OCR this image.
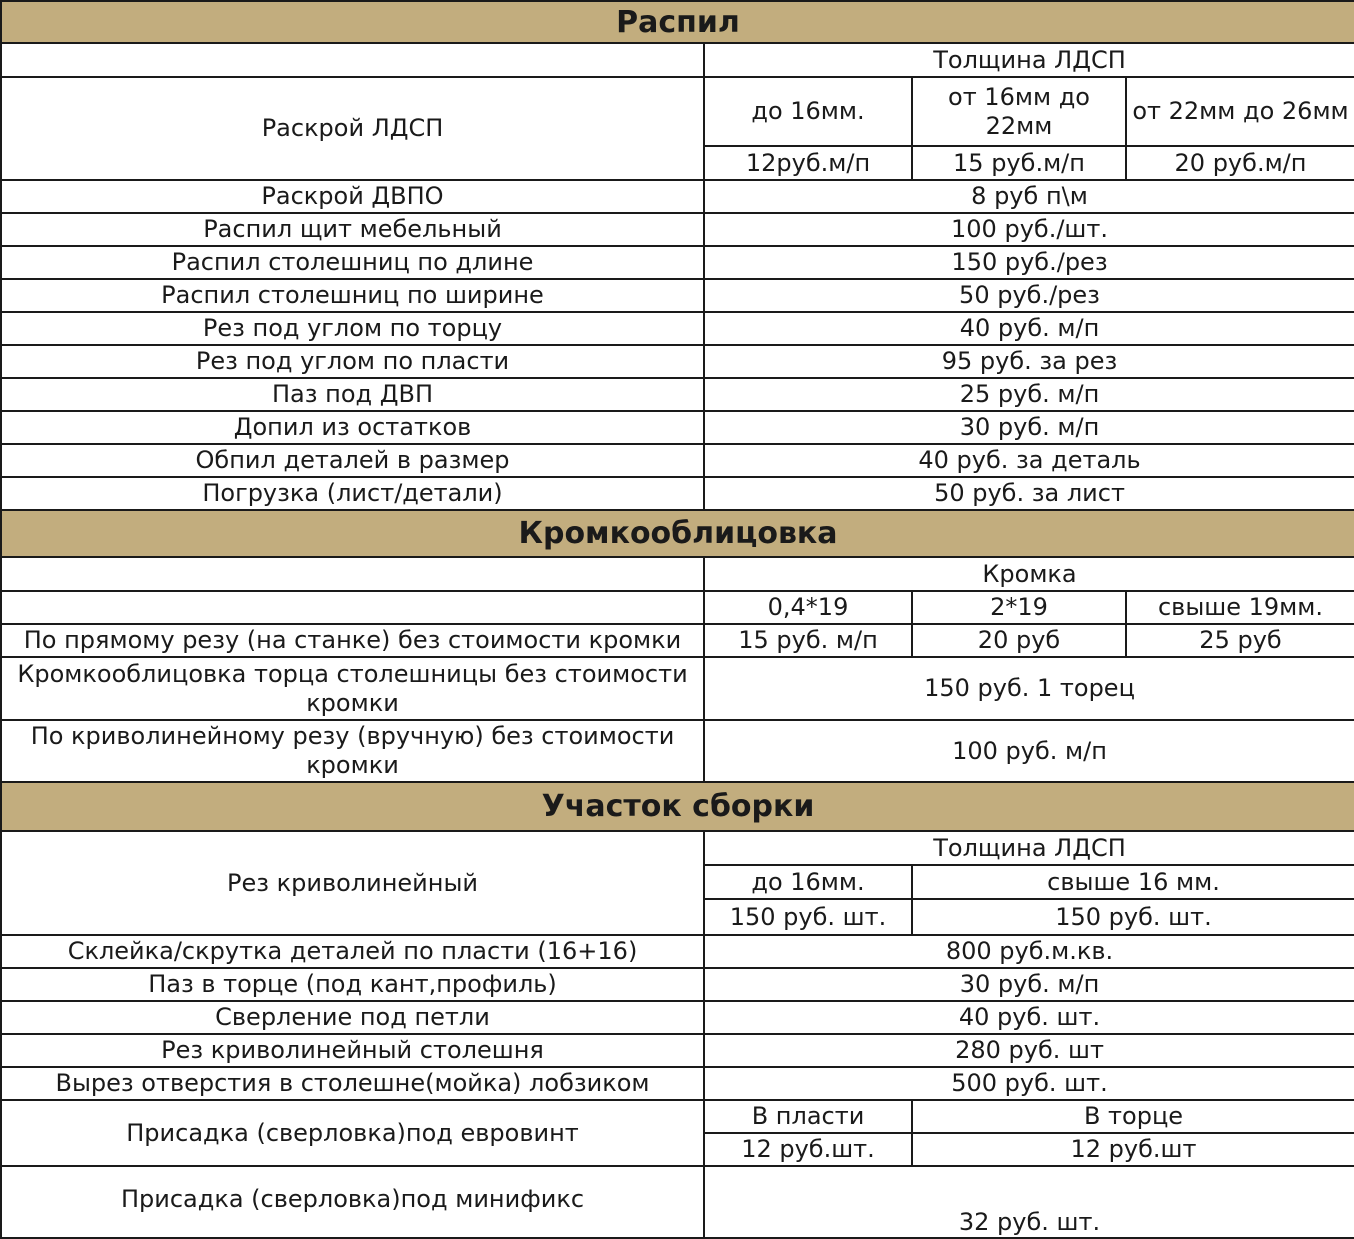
Распил			
	Толщина ЛДСП		
Раскрой ЛДСП	до 16мм.	от 16мм до 22мм	от 22мм до 26мм
	12руб.м/п	15 руб.м/п	20 руб.м/п
Раскрой ДВПО	8 руб п\м		
Распил щит мебельный	100 руб./шт.		
Распил столешниц по длине	150 руб./рез		
Распил столешниц по ширине	50 руб./рез		
Рез под углом по торцу	40 руб. м/п		
Рез под углом по пласти	95 руб. за рез		
Паз под ДВП	25 руб. м/п		
Допил из остатков	30 руб. м/п		
Обпил деталей в размер	40 руб. за деталь		
Погрузка (лист/детали)	50 руб. за лист		
Кромкооблицовка			
	Кромка		
	0,4*19	2*19	свыше 19мм.
По прямому резу (на станке) без стоимости кромки	15 руб. м/п	20 руб	25 руб
Кромкооблицовка торца столешницы без стоимости кромки	150 руб. 1 торец		
По криволинейному резу (вручную) без стоимости кромки	100 руб. м/п		
Участок сборки			
Рез криволинейный	Толщина ЛДСП		
	до 16мм.	свыше 16 мм.	
	150 руб. шт.	150 руб. шт.	
Склейка/скрутка деталей по пласти (16+16)	800 руб.м.кв.		
Паз в торце (под кант,профиль)	30 руб. м/п		
Сверление под петли	40 руб. шт.		
Рез криволинейный столешня	280 руб. шт		
Вырез отверстия в столешне(мойка) лобзиком	500 руб. шт.		
Присадка (сверловка)под евровинт	В пласти	В торце	
	12 руб.шт.	12 руб.шт	
Присадка (сверловка)под минификс	32 руб. шт.		
